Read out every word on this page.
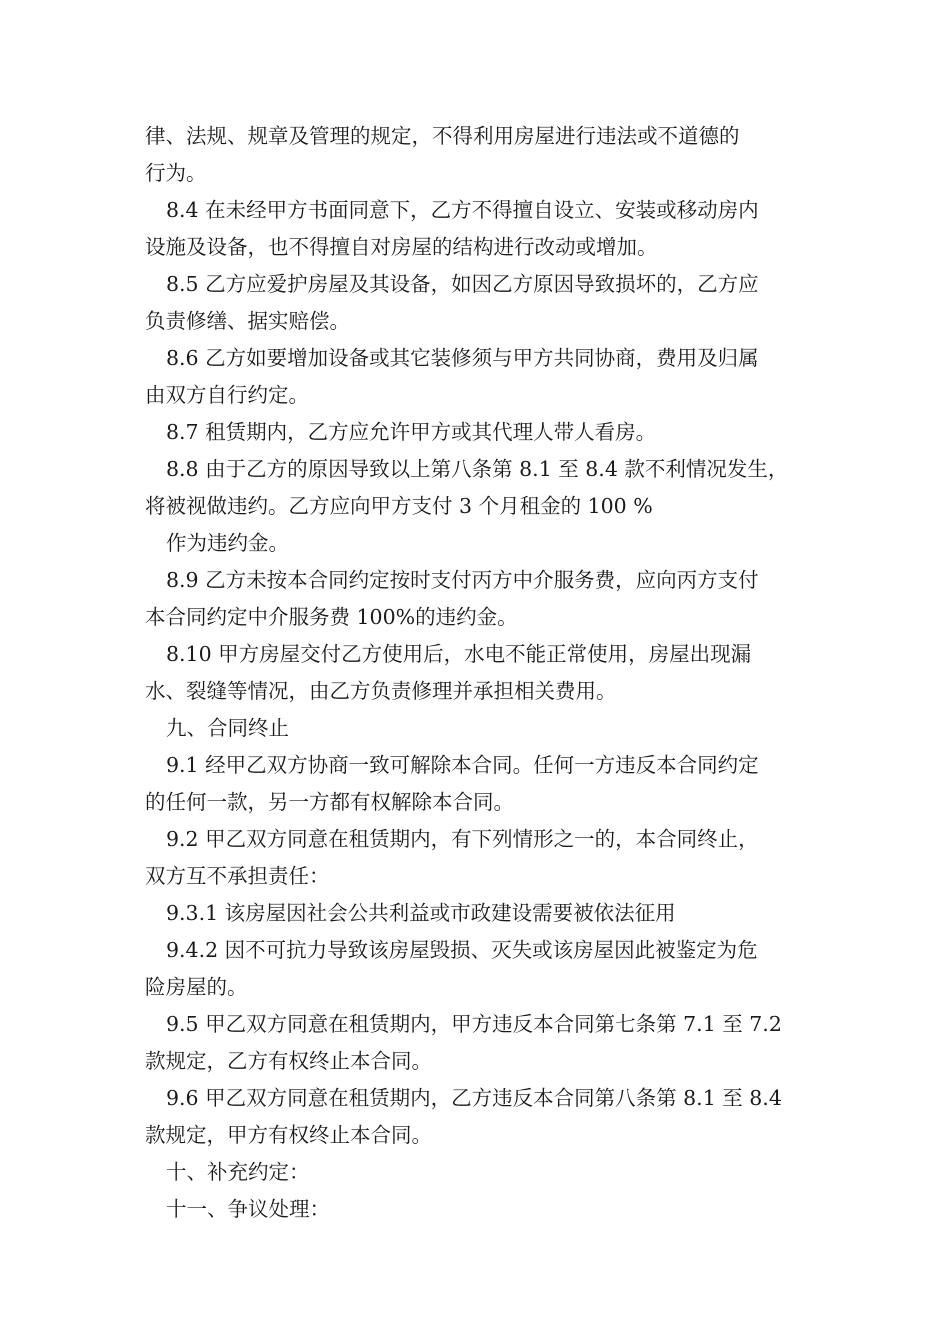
律、法规、规章及管理的规定，不得利用房屋进行违法或不道德的
行为。
8.4 在未经甲方书面同意下，乙方不得擅自设立、安装或移动房内
设施及设备，也不得擅自对房屋的结构进行改动或增加。
8.5 乙方应爱护房屋及其设备，如因乙方原因导致损坏的，乙方应
负责修缮、据实赔偿。
8.6 乙方如要增加设备或其它装修须与甲方共同协商，费用及归属
由双方自行约定。
8.7 租赁期内，乙方应允许甲方或其代理人带人看房。
8.8 由于乙方的原因导致以上第八条第 8.1 至 8.4 款不利情况发生，
将被视做违约。乙方应向甲方支付 3 个月租金的 100 %
作为违约金。
8.9 乙方未按本合同约定按时支付丙方中介服务费，应向丙方支付
本合同约定中介服务费 100%的违约金。
8.10 甲方房屋交付乙方使用后，水电不能正常使用，房屋出现漏
水、裂缝等情况，由乙方负责修理并承担相关费用。
九、合同终止
9.1 经甲乙双方协商一致可解除本合同。任何一方违反本合同约定
的任何一款，另一方都有权解除本合同。
9.2 甲乙双方同意在租赁期内，有下列情形之一的，本合同终止，
双方互不承担责任：
9.3.1 该房屋因社会公共利益或市政建设需要被依法征用
9.4.2 因不可抗力导致该房屋毁损、灭失或该房屋因此被鉴定为危
险房屋的。
9.5 甲乙双方同意在租赁期内，甲方违反本合同第七条第 7.1 至 7.2
款规定，乙方有权终止本合同。
9.6 甲乙双方同意在租赁期内，乙方违反本合同第八条第 8.1 至 8.4
款规定，甲方有权终止本合同。
十、补充约定：
十一、争议处理：
